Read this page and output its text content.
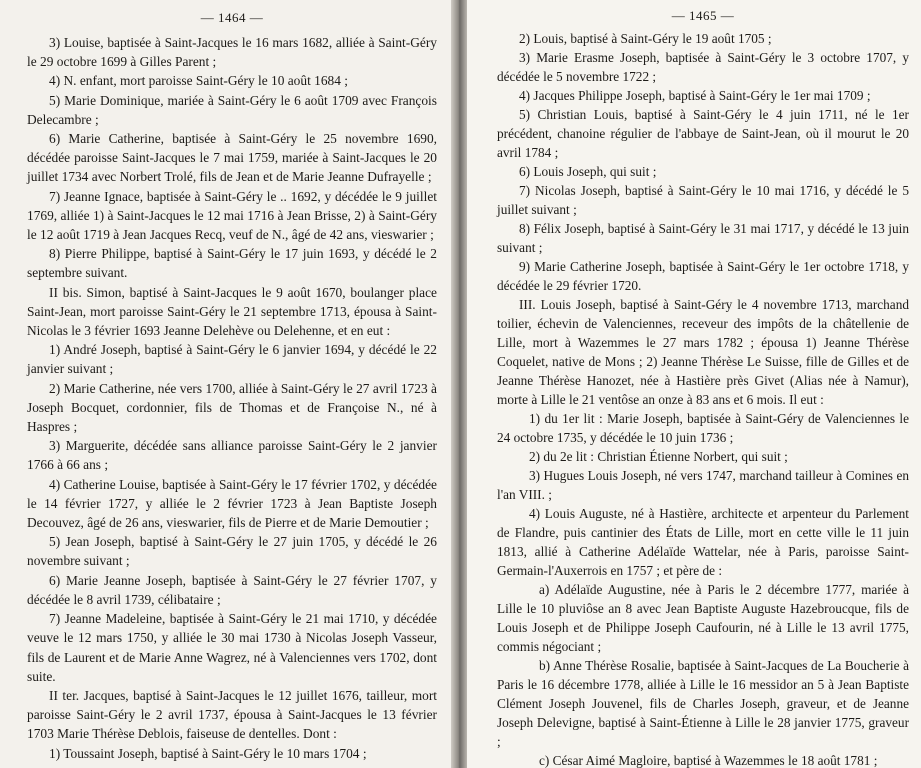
— 1464 —

3) Louise, baptisée à Saint-Jacques le 16 mars 1682, alliée à Saint-Géry le 29 octobre 1699 à Gilles Parent ;

4) N. enfant, mort paroisse Saint-Géry le 10 août 1684 ;

5) Marie Dominique, mariée à Saint-Géry le 6 août 1709 avec François Delecambre ;

6) Marie Catherine, baptisée à Saint-Géry le 25 novembre 1690, décédée paroisse Saint-Jacques le 7 mai 1759, mariée à Saint-Jacques le 20 juillet 1734 avec Norbert Trolé, fils de Jean et de Marie Jeanne Dufrayelle ;

7) Jeanne Ignace, baptisée à Saint-Géry le .. 1692, y décédée le 9 juillet 1769, alliée 1) à Saint-Jacques le 12 mai 1716 à Jean Brisse, 2) à Saint-Géry le 12 août 1719 à Jean Jacques Recq, veuf de N., âgé de 42 ans, vieswarier ;

8) Pierre Philippe, baptisé à Saint-Géry le 17 juin 1693, y décédé le 2 septembre suivant.

II bis. Simon, baptisé à Saint-Jacques le 9 août 1670, boulanger place Saint-Jean, mort paroisse Saint-Géry le 21 septembre 1713, épousa à Saint-Nicolas le 3 février 1693 Jeanne Delehève ou Delehenne, et en eut :

1) André Joseph, baptisé à Saint-Géry le 6 janvier 1694, y décédé le 22 janvier suivant ;

2) Marie Catherine, née vers 1700, alliée à Saint-Géry le 27 avril 1723 à Joseph Bocquet, cordonnier, fils de Thomas et de Françoise N., né à Haspres ;

3) Marguerite, décédée sans alliance paroisse Saint-Géry le 2 janvier 1766 à 66 ans ;

4) Catherine Louise, baptisée à Saint-Géry le 17 février 1702, y décédée le 14 février 1727, y alliée le 2 février 1723 à Jean Baptiste Joseph Decouvez, âgé de 26 ans, vieswarier, fils de Pierre et de Marie Demoutier ;

5) Jean Joseph, baptisé à Saint-Géry le 27 juin 1705, y décédé le 26 novembre suivant ;

6) Marie Jeanne Joseph, baptisée à Saint-Géry le 27 février 1707, y décédée le 8 avril 1739, célibataire ;

7) Jeanne Madeleine, baptisée à Saint-Géry le 21 mai 1710, y décédée veuve le 12 mars 1750, y alliée le 30 mai 1730 à Nicolas Joseph Vasseur, fils de Laurent et de Marie Anne Wagrez, né à Valenciennes vers 1702, dont suite.

II ter. Jacques, baptisé à Saint-Jacques le 12 juillet 1676, tailleur, mort paroisse Saint-Géry le 2 avril 1737, épousa à Saint-Jacques le 13 février 1703 Marie Thérèse Deblois, faiseuse de dentelles. Dont :

1) Toussaint Joseph, baptisé à Saint-Géry le 10 mars 1704 ;

— 1465 —

2) Louis, baptisé à Saint-Géry le 19 août 1705 ;

3) Marie Erasme Joseph, baptisée à Saint-Géry le 3 octobre 1707, y décédée le 5 novembre 1722 ;

4) Jacques Philippe Joseph, baptisé à Saint-Géry le 1er mai 1709 ;

5) Christian Louis, baptisé à Saint-Géry le 4 juin 1711, né le 1er précédent, chanoine régulier de l'abbaye de Saint-Jean, où il mourut le 20 avril 1784 ;

6) Louis Joseph, qui suit ;

7) Nicolas Joseph, baptisé à Saint-Géry le 10 mai 1716, y décédé le 5 juillet suivant ;

8) Félix Joseph, baptisé à Saint-Géry le 31 mai 1717, y décédé le 13 juin suivant ;

9) Marie Catherine Joseph, baptisée à Saint-Géry le 1er octobre 1718, y décédée le 29 février 1720.

III. Louis Joseph, baptisé à Saint-Géry le 4 novembre 1713, marchand toilier, échevin de Valenciennes, receveur des impôts de la châtellenie de Lille, mort à Wazemmes le 27 mars 1782 ; épousa 1) Jeanne Thérèse Coquelet, native de Mons ; 2) Jeanne Thérèse Le Suisse, fille de Gilles et de Jeanne Thérèse Hanozet, née à Hastière près Givet (Alias née à Namur), morte à Lille le 21 ventôse an onze à 83 ans et 6 mois. Il eut :

1) du 1er lit : Marie Joseph, baptisée à Saint-Géry de Valenciennes le 24 octobre 1735, y décédée le 10 juin 1736 ;

2) du 2e lit : Christian Étienne Norbert, qui suit ;

3) Hugues Louis Joseph, né vers 1747, marchand tailleur à Comines en l'an VIII. ;

4) Louis Auguste, né à Hastière, architecte et arpenteur du Parlement de Flandre, puis cantinier des États de Lille, mort en cette ville le 11 juin 1813, allié à Catherine Adélaïde Wattelar, née à Paris, paroisse Saint-Germain-l'Auxerrois en 1757 ; et père de :

a) Adélaïde Augustine, née à Paris le 2 décembre 1777, mariée à Lille le 10 pluviôse an 8 avec Jean Baptiste Auguste Hazebroucque, fils de Louis Joseph et de Philippe Joseph Caufourin, né à Lille le 13 avril 1775, commis négociant ;

b) Anne Thérèse Rosalie, baptisée à Saint-Jacques de La Boucherie à Paris le 16 décembre 1778, alliée à Lille le 16 messidor an 5 à Jean Baptiste Clément Joseph Jouvenel, fils de Charles Joseph, graveur, et de Jeanne Joseph Delevigne, baptisé à Saint-Étienne à Lille le 28 janvier 1775, graveur ;

c) César Aimé Magloire, baptisé à Wazemmes le 18 août 1781 ;
